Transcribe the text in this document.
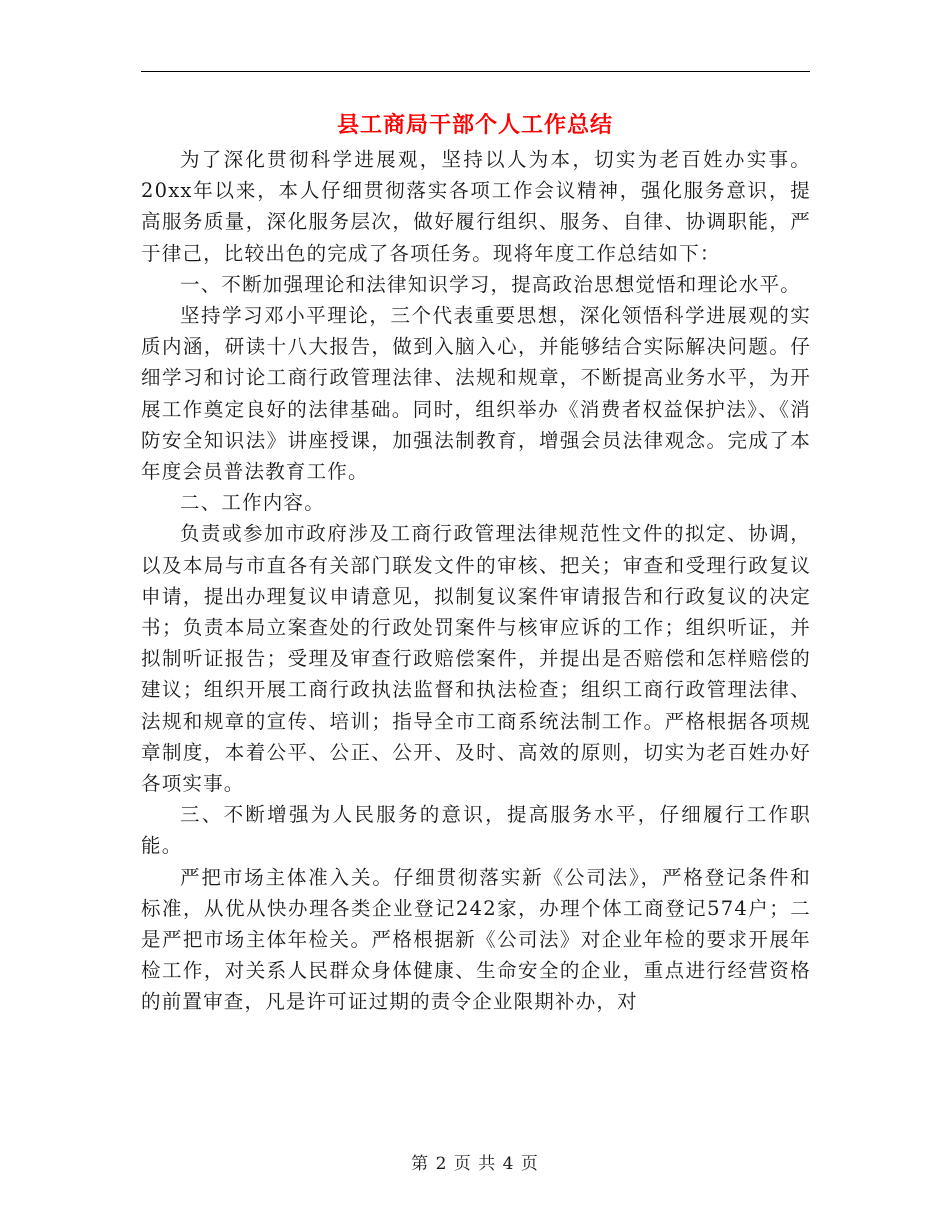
县工商局干部个人工作总结

为了深化贯彻科学进展观，坚持以人为本，切实为老百姓办实事。20xx年以来，本人仔细贯彻落实各项工作会议精神，强化服务意识，提高服务质量，深化服务层次，做好履行组织、服务、自律、协调职能，严于律己，比较出色的完成了各项任务。现将年度工作总结如下：

一、不断加强理论和法律知识学习，提高政治思想觉悟和理论水平。

坚持学习邓小平理论，三个代表重要思想，深化领悟科学进展观的实质内涵，研读十八大报告，做到入脑入心，并能够结合实际解决问题。仔细学习和讨论工商行政管理法律、法规和规章，不断提高业务水平，为开展工作奠定良好的法律基础。同时，组织举办《消费者权益保护法》、《消防安全知识法》讲座授课，加强法制教育，增强会员法律观念。完成了本年度会员普法教育工作。

二、工作内容。

负责或参加市政府涉及工商行政管理法律规范性文件的拟定、协调，以及本局与市直各有关部门联发文件的审核、把关；审查和受理行政复议申请，提出办理复议申请意见，拟制复议案件审请报告和行政复议的决定书；负责本局立案查处的行政处罚案件与核审应诉的工作；组织听证，并拟制听证报告；受理及审查行政赔偿案件，并提出是否赔偿和怎样赔偿的建议；组织开展工商行政执法监督和执法检查；组织工商行政管理法律、法规和规章的宣传、培训；指导全市工商系统法制工作。严格根据各项规章制度，本着公平、公正、公开、及时、高效的原则，切实为老百姓办好各项实事。

三、不断增强为人民服务的意识，提高服务水平，仔细履行工作职能。

严把市场主体准入关。仔细贯彻落实新《公司法》，严格登记条件和标准，从优从快办理各类企业登记242家，办理个体工商登记574户；二是严把市场主体年检关。严格根据新《公司法》对企业年检的要求开展年检工作，对关系人民群众身体健康、生命安全的企业，重点进行经营资格的前置审查，凡是许可证过期的责令企业限期补办，对

第 2 页 共 4 页
